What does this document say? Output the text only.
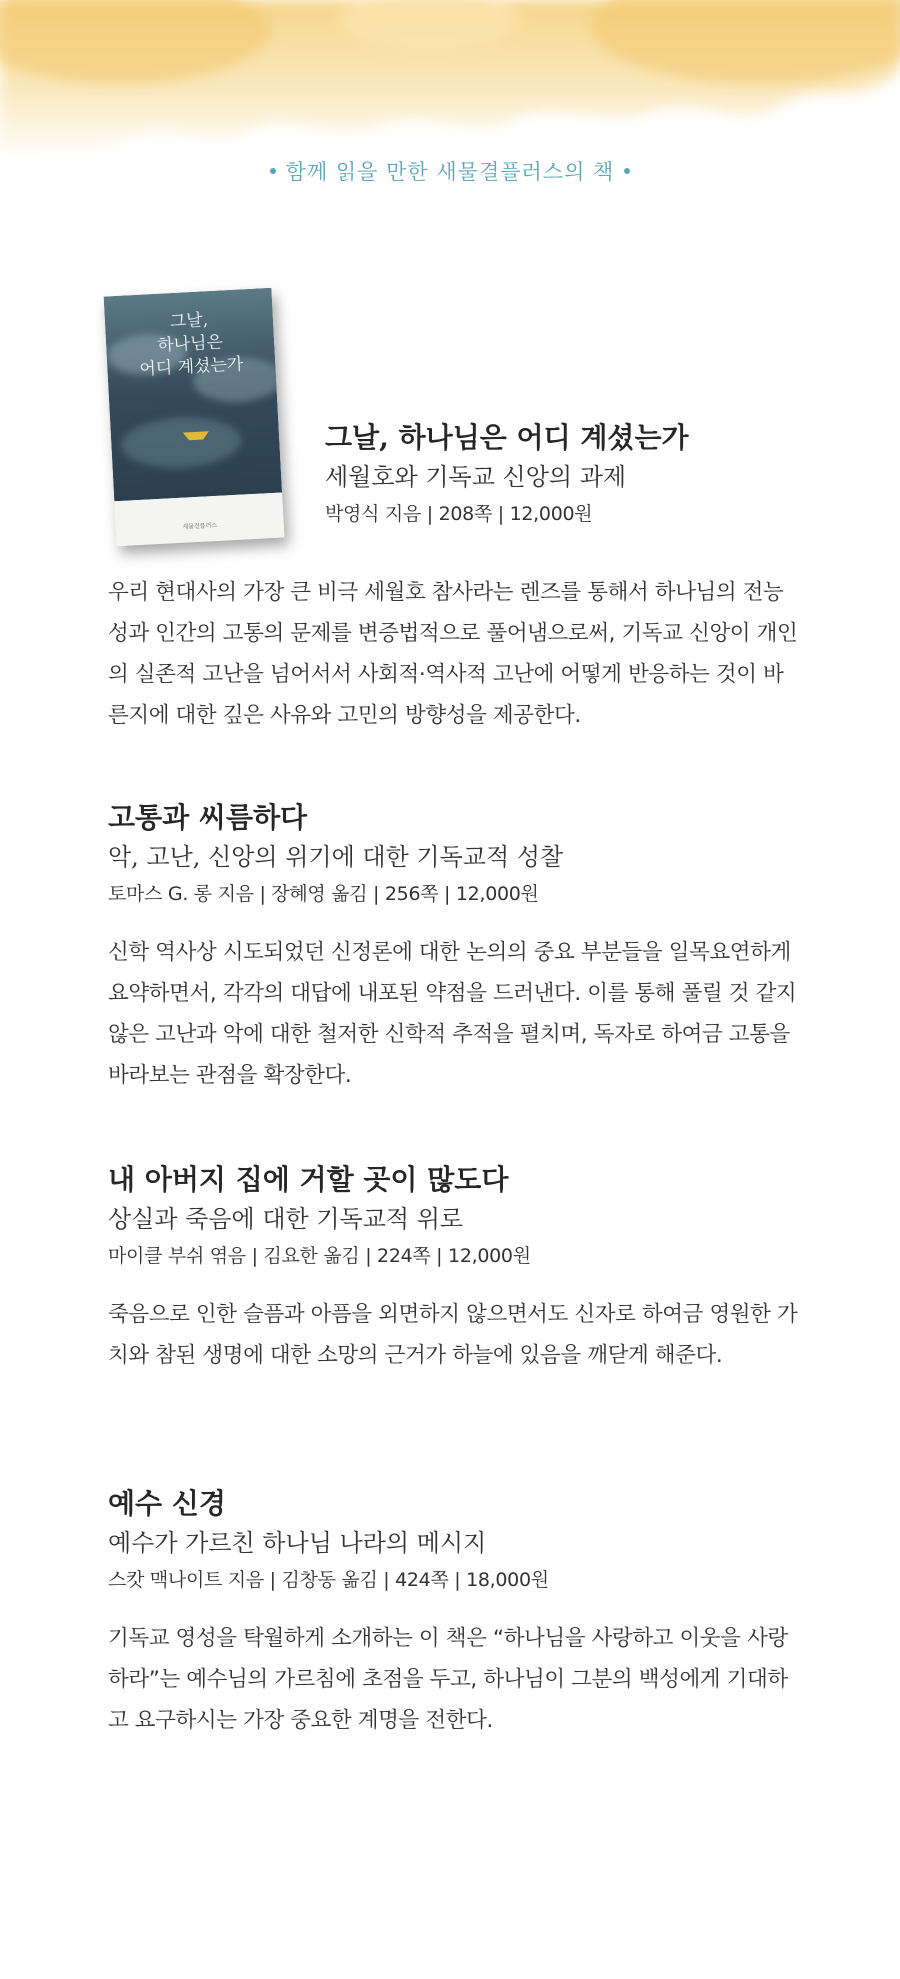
함께 읽을 만한 새물결플러스의 책
새물결플러스
그날,
하나님은
어디 계셨는가

그날, 하나님은 어디 계셨는가

세월호와 기독교 신앙의 과제

박영식 지음 | 208쪽 | 12,000원

우리 현대사의 가장 큰 비극 세월호 참사라는 렌즈를 통해서 하나님의 전능성과 인간의 고통의 문제를 변증법적으로 풀어냄으로써, 기독교 신앙이 개인의 실존적 고난을 넘어서서 사회적·역사적 고난에 어떻게 반응하는 것이 바른지에 대한 깊은 사유와 고민의 방향성을 제공한다.

고통과 씨름하다

악, 고난, 신앙의 위기에 대한 기독교적 성찰

토마스 G. 롱 지음 | 장혜영 옮김 | 256쪽 | 12,000원

신학 역사상 시도되었던 신정론에 대한 논의의 중요 부분들을 일목요연하게 요약하면서, 각각의 대답에 내포된 약점을 드러낸다. 이를 통해 풀릴 것 같지 않은 고난과 악에 대한 철저한 신학적 추적을 펼치며, 독자로 하여금 고통을 바라보는 관점을 확장한다.

내 아버지 집에 거할 곳이 많도다

상실과 죽음에 대한 기독교적 위로

마이클 부쉬 엮음 | 김요한 옮김 | 224쪽 | 12,000원

죽음으로 인한 슬픔과 아픔을 외면하지 않으면서도 신자로 하여금 영원한 가치와 참된 생명에 대한 소망의 근거가 하늘에 있음을 깨닫게 해준다.

예수 신경

예수가 가르친 하나님 나라의 메시지

스캇 맥나이트 지음 | 김창동 옮김 | 424쪽 | 18,000원

기독교 영성을 탁월하게 소개하는 이 책은 “하나님을 사랑하고 이웃을 사랑하라”는 예수님의 가르침에 초점을 두고, 하나님이 그분의 백성에게 기대하고 요구하시는 가장 중요한 계명을 전한다.
